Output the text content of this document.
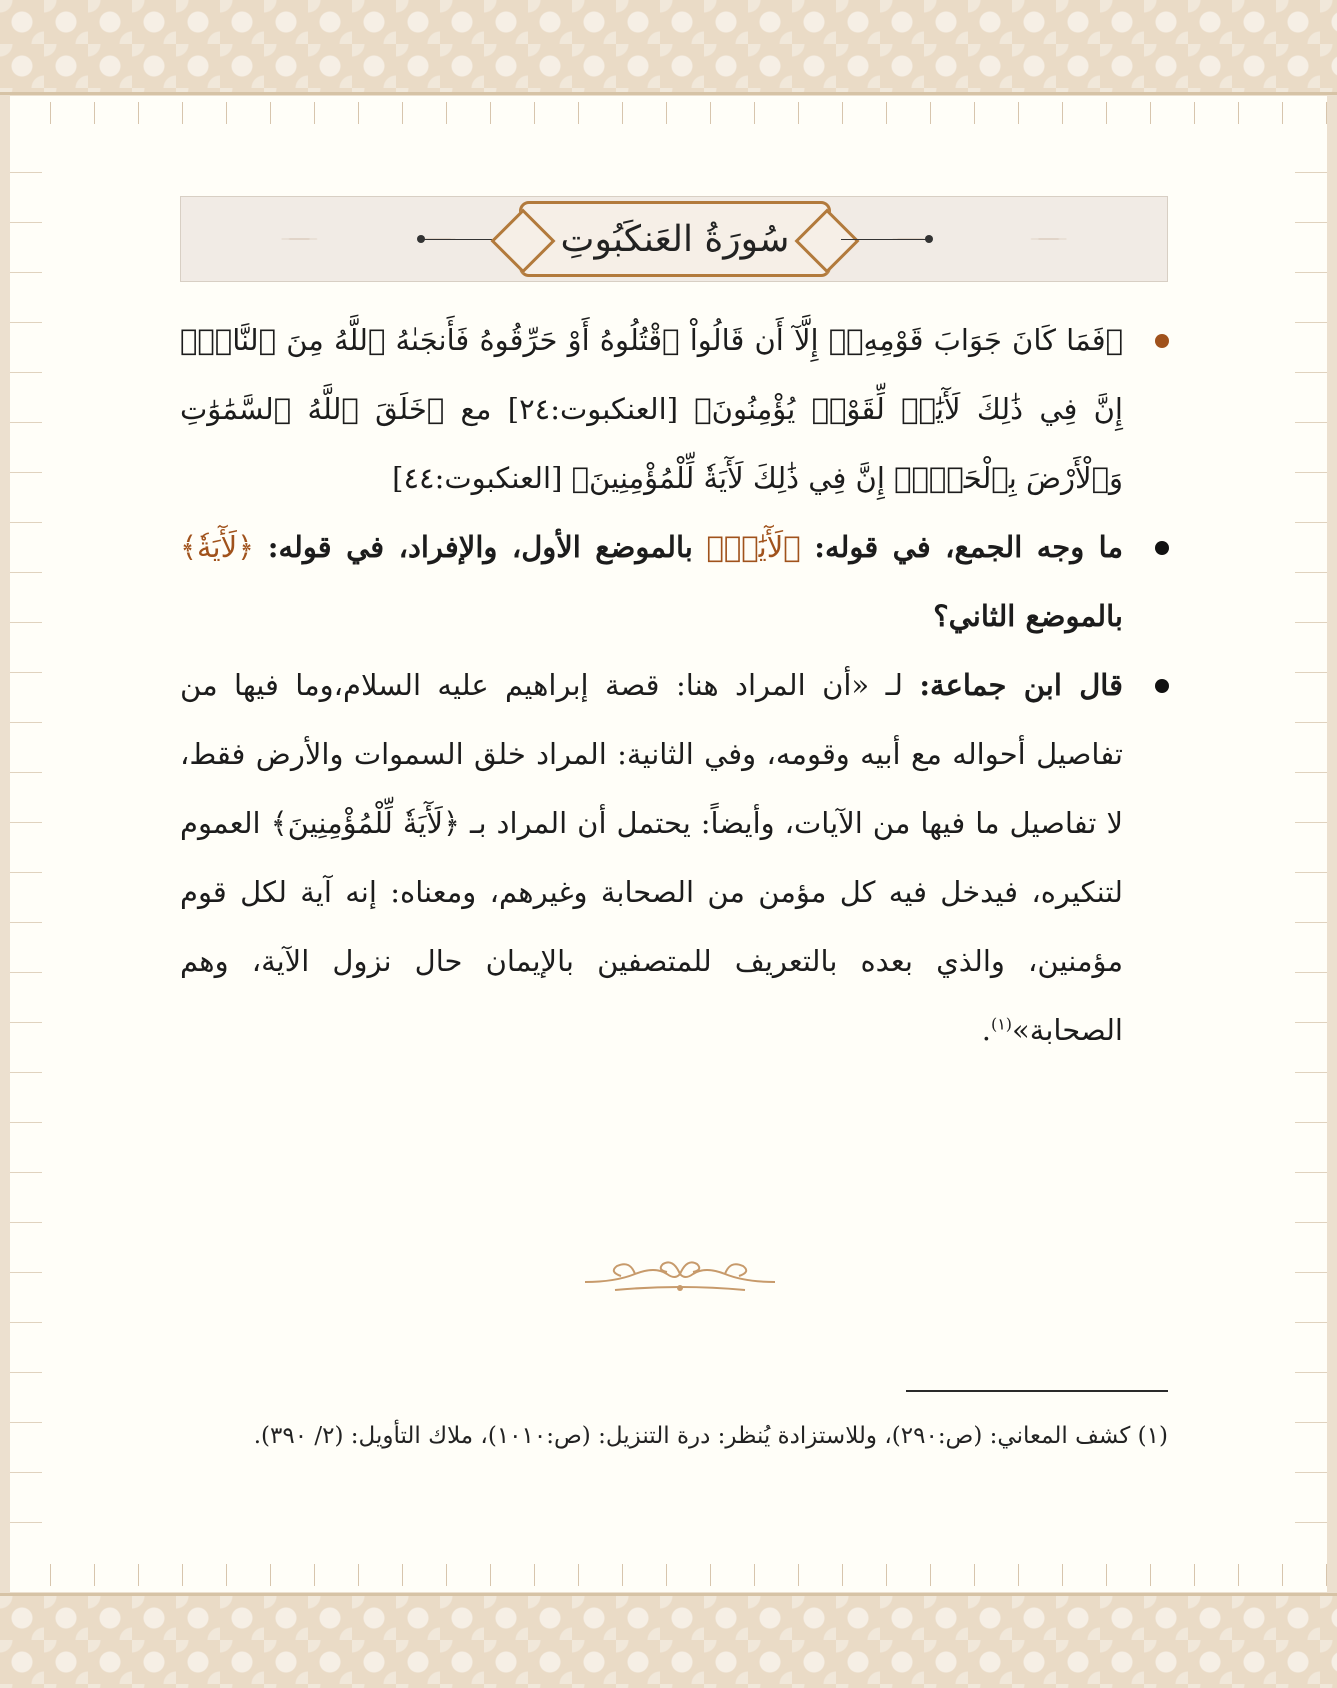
سُورَةُ العَنكَبُوتِ

﴿فَمَا كَانَ جَوَابَ قَوْمِهِۦٓ إِلَّآ أَن قَالُواْ ٱقْتُلُوهُ أَوْ حَرِّقُوهُ فَأَنجَىٰهُ ٱللَّهُ مِنَ ٱلنَّارِۚ إِنَّ فِي ذَٰلِكَ لَأٓيَٰتٖ لِّقَوْمٖ يُؤْمِنُونَ﴾ [العنكبوت:٢٤] مع ﴿خَلَقَ ٱللَّهُ ٱلسَّمَٰوَٰتِ وَٱلْأَرْضَ بِٱلْحَقِّۚ إِنَّ فِي ذَٰلِكَ لَأٓيَةٗ لِّلْمُؤْمِنِينَ﴾ [العنكبوت:٤٤]

ما وجه الجمع، في قوله: ﴿لَأٓيَٰتٖ﴾ بالموضع الأول، والإفراد، في قوله: ﴿لَأٓيَةٗ﴾ بالموضع الثاني؟

قال ابن جماعة: لـ «أن المراد هنا: قصة إبراهيم عليه السلام،وما فيها من تفاصيل أحواله مع أبيه وقومه، وفي الثانية: المراد خلق السموات والأرض فقط، لا تفاصيل ما فيها من الآيات، وأيضاً: يحتمل أن المراد بـ ﴿لَأٓيَةٗ لِّلْمُؤْمِنِينَ﴾ العموم لتنكيره، فيدخل فيه كل مؤمن من الصحابة وغيرهم، ومعناه: إنه آية لكل قوم مؤمنين، والذي بعده بالتعريف للمتصفين بالإيمان حال نزول الآية، وهم الصحابة»$^{(١)}$.

(١) كشف المعاني: (ص:٢٩٠)، وللاستزادة يُنظر: درة التنزيل: (ص:١٠١٠)، ملاك التأويل: (٢/ ٣٩٠).
